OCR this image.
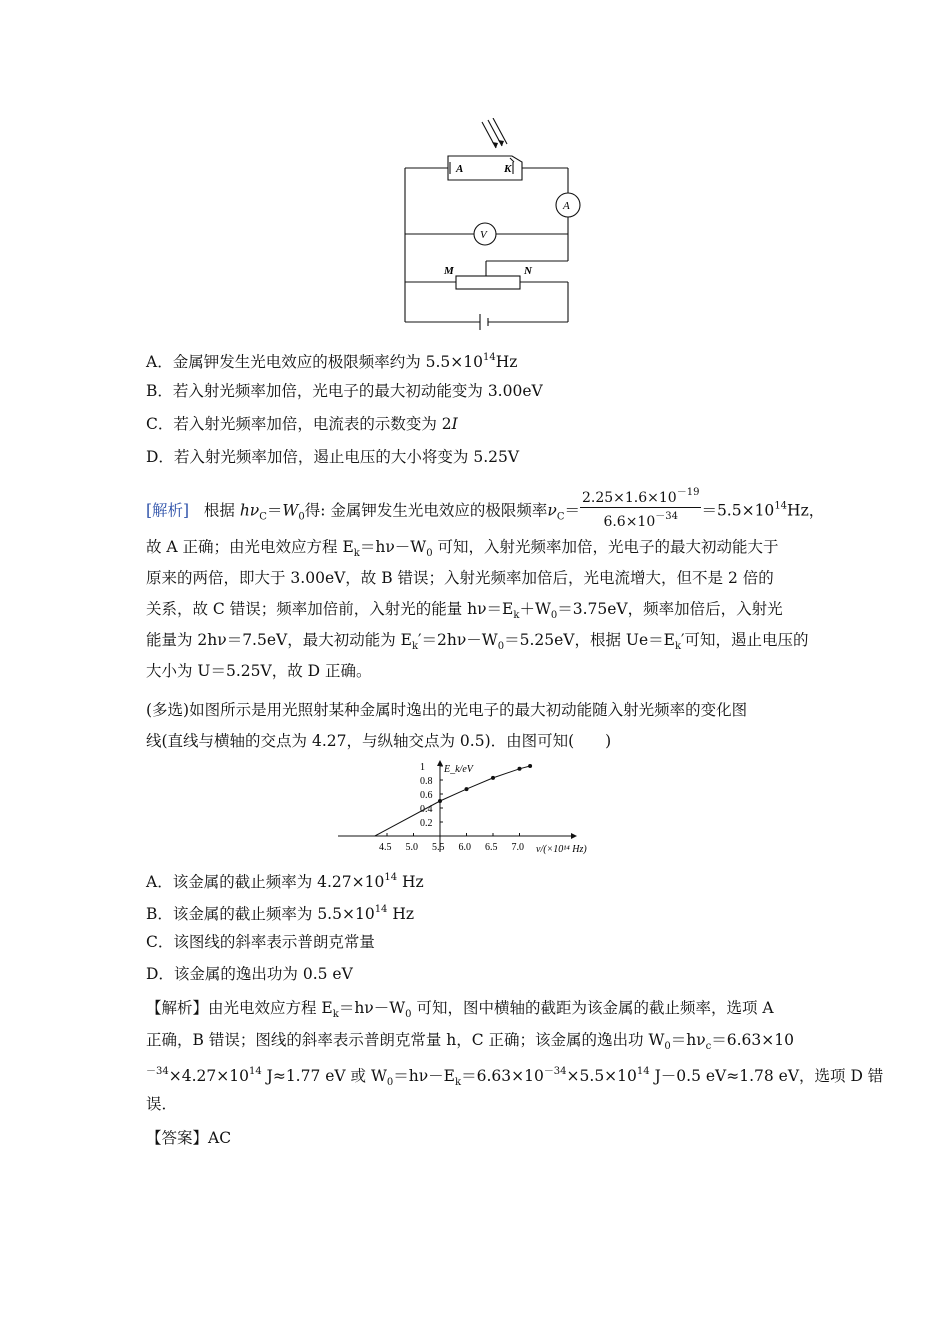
A	K
A
V
M	N
A．金属钾发生光电效应的极限频率约为 $5.5\times 10^{14}Hz$
B．若入射光频率加倍，光电子的最大初动能变为 3.00eV
C．若入射光频率加倍，电流表的示数变为 2I
D．若入射光频率加倍，遏止电压的大小将变为 5.25V
[解析] 根据 $h\nu_C=W_0$得: 金属钾发生光电效应的极限频率$\nu_C= \frac{2.25\times 1.6\times 10^{-19}}{6.6\times 10^{-34}} =5.5\times 10^{14}Hz$，
故 A 正确；由光电效应方程 $E_k=h\nu-W_0$ 可知，入射光频率加倍，光电子的最大初动能大于
原来的两倍，即大于 3.00eV，故 B 错误；入射光频率加倍后，光电流增大，但不是 2 倍的
关系，故 C 错误；频率加倍前，入射光的能量 $h\nu=E_k+W_0=3.75eV$，频率加倍后，入射光
能量为 2hν＝7.5eV，最大初动能为 $E_k'=2h\nu-W_0=5.25eV$，根据 $Ue=E_k'$可知，遏止电压的
大小为 U＝5.25V，故 D 正确。
(多选)如图所示是用光照射某种金属时逸出的光电子的最大初动能随入射光频率的变化图
线(直线与横轴的交点为 4.27，与纵轴交点为 0.5)．由图可知(　　)
E_k/eV
ν/(×10¹⁴ Hz)
4.5 5.0 5.5 6.0 6.5 7.0
0.2
0.4
0.6
0.8
1
A．该金属的截止频率为 $4.27\times 10^{14}$ Hz
B．该金属的截止频率为 $5.5\times 10^{14}$ Hz
C．该图线的斜率表示普朗克常量
D．该金属的逸出功为 0.5 eV
【解析】由光电效应方程 $E_k=h\nu-W_0$ 可知，图中横轴的截距为该金属的截止频率，选项 A
正确，B 错误；图线的斜率表示普朗克常量 h，C 正确；该金属的逸出功 $W_0=h\nu_c=6.63\times 10$
$^{-34}\times 4.27\times 10^{14}$ J≈1.77 eV 或 $W_0=h\nu-E_k=6.63\times 10^{-34}\times 5.5\times 10^{14}$ J－0.5 eV≈1.78 eV，选项 D 错
误．
【答案】AC
